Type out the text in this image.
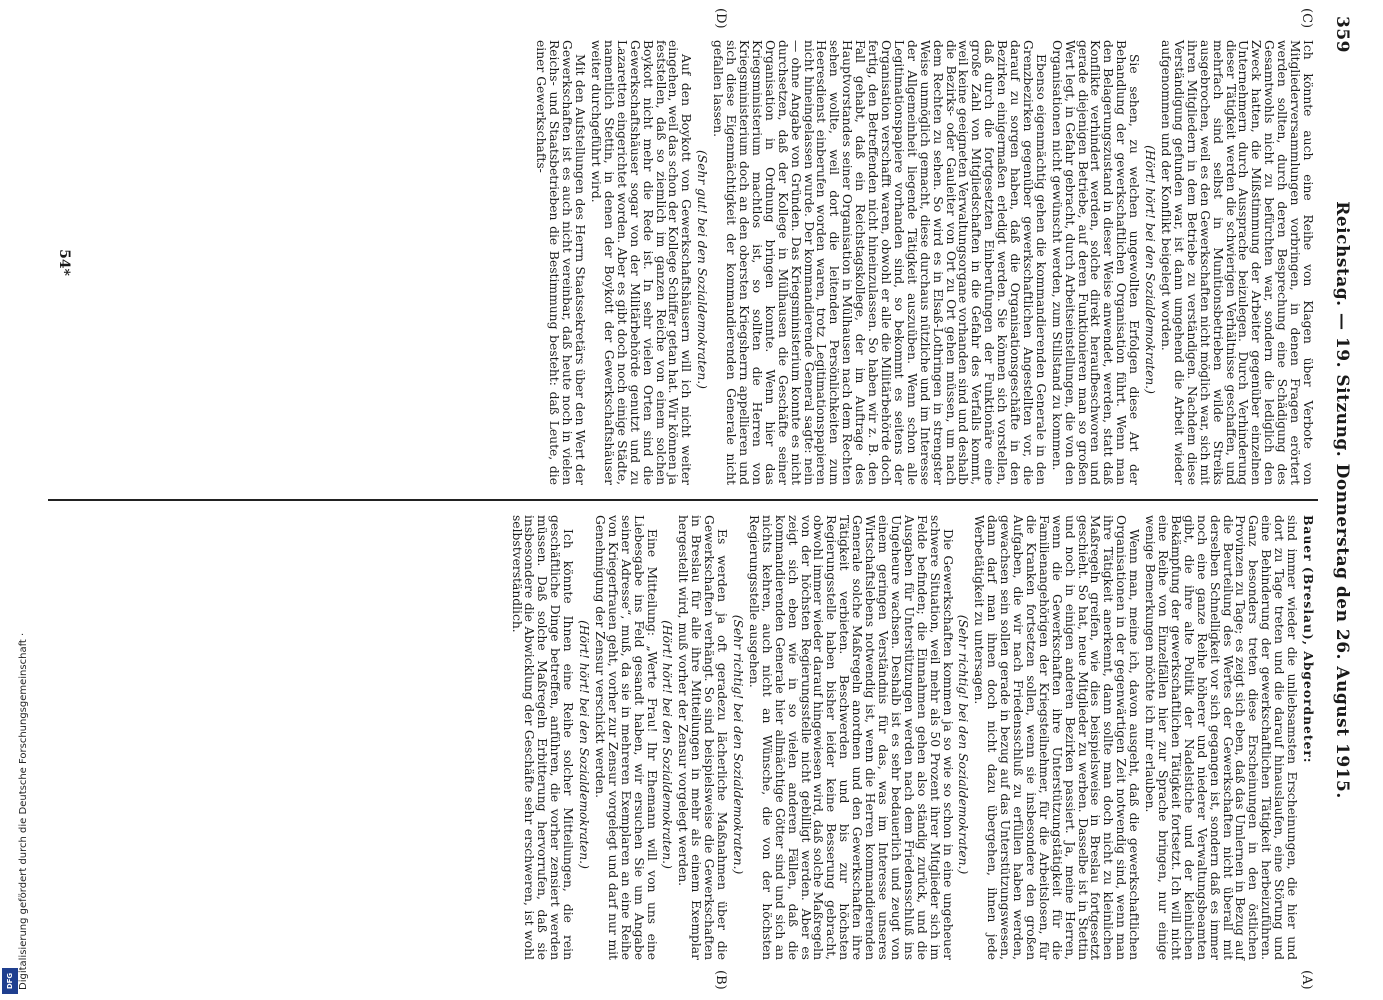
359
Reichstag. — 19. Sitzung. Donnerstag den 26. August 1915.

Ich könnte auch eine Reihe von Klagen über Verbote von Mitgliederversammlungen vorbringen, in denen Fragen erörtert werden sollten, durch deren Besprechung eine Schädigung des Gesamtwohls nicht zu befürchten war, sondern die lediglich den Zweck hatten, die Mißstimmung der Arbeiter gegenüber einzelnen Unternehmern durch Aussprache beizulegen. Durch Verhinderung dieser Tätigkeit werden die schwierigen Verhältnisse geschaffen, und mehrfach sind selbst in Munitionsbetrieben wilde Streiks ausgebrochen, weil es den Gewerkschaften nicht möglich war, sich mit ihren Mitgliedern in dem Betriebe zu verständigen. Nachdem diese Verständigung gefunden war, ist dann umgehend die Arbeit wieder aufgenommen und der Konflikt beigelegt worden.

(Hört! hört! bei den Sozialdemokraten.)

Sie sehen, zu welchen ungewollten Erfolgen diese Art der Behandlung der gewerkschaftlichen Organisation führt. Wenn man den Belagerungszustand in dieser Weise anwendet, werden, statt daß Konflikte verhindert werden, solche direkt heraufbeschworen und gerade diejenigen Betriebe, auf deren Funktionieren man so großen Wert legt, in Gefahr gebracht, durch Arbeitseinstellungen, die von den Organisationen nicht gewünscht werden, zum Stillstand zu kommen.

Ebenso eigenmächtig gehen die kommandierenden Generale in den Grenzbezirken gegenüber gewerkschaftlichen Angestellten vor, die darauf zu sorgen haben, daß die Organisationsgeschäfte in den Bezirken einigermaßen erledigt werden. Sie können sich vorstellen, daß durch die fortgesetzten Einberufungen der Funktionäre eine große Zahl von Mitgliedschaften in die Gefahr des Verfalls kommt, weil keine geeigneten Verwaltungsorgane vorhanden sind und deshalb die Bezirks- oder Gauleiter von Ort zu Ort gehen müssen, um nach dem Rechten zu sehen. So wird es in Elsaß-Lothringen in strengster Weise unmöglich gemacht, diese durchaus nützliche und im Interesse der Allgemeinheit liegende Tätigkeit auszuüben. Wenn schon alle Legitimationspapiere vorhanden sind, so bekommt es seitens der Organisation verschafft waren, obwohl er alle die Militärbehörde doch fertig, den Betreffenden nicht hineinzulassen. So haben wir z. B. den Fall gehabt, daß ein Reichstagskollege, der im Auftrage des Hauptvorstandes seiner Organisation in Mülhausen nach dem Rechten sehen wollte, weil dort die leitenden Persönlichkeiten zum Heeresdienst einberufen worden waren, trotz Legitimationspapieren nicht hineingelassen wurde. Der kommandierende General sagte: nein — ohne Angabe von Gründen. Das Kriegsministerium konnte es nicht durchsetzen, daß der Kollege in Mülhausen die Geschäfte seiner Organisation in Ordnung bringen konnte. Wenn hier das Kriegsministerium machtlos ist, so sollten die Herren von Kriegsministerium doch an den obersten Kriegsherrn appellieren und sich diese Eigenmächtigkeit der kommandierenden Generale nicht gefallen lassen.

(Sehr gut! bei den Sozialdemokraten.)

Auf den Boykott von Gewerkschaftshäusern will ich nicht weiter eingehen, weil das schon der Kollege Schiffer getan hat. Wir können ja feststellen, daß so ziemlich im ganzen Reiche von einem solchen Boykott nicht mehr die Rede ist. In sehr vielen Orten sind die Gewerkschaftshäuser sogar von der Militärbehörde genutzt und zu Lazaretten eingerichtet worden. Aber es gibt doch noch einige Städte, namentlich Stettin, in denen der Boykott der Gewerkschaftshäuser weiter durchgeführt wird.

Mit den Aufstellungen des Herrn Staatssekretärs über den Wert der Gewerkschaften ist es auch nicht vereinbar, daß heute noch in vielen Reichs- und Staatsbetrieben die Bestimmung besteht: daß Leute, die einer Gewerkschafts-

Bauer (Breslau), Abgeordneter:

sind immer wieder die unliebsamsten Erscheinungen, die hier und dort zu Tage treten und die darauf hinauslaufen, eine Störung und eine Behinderung der gewerkschaftlichen Tätigkeit herbeizuführen. Ganz besonders treten diese Erscheinungen in den östlichen Provinzen zu Tage; es zeigt sich eben, daß das Umlernen in Bezug auf die Beurteilung des Wertes der Gewerkschaften nicht überall mit derselben Schnelligkeit vor sich gegangen ist, sondern daß es immer noch eine ganze Reihe höherer und niederer Verwaltungsbeamten gibt, die ihre alte Politik der Nadelstiche und der kleinlichen Bekämpfung der gewerkschaftlichen Tätigkeit fortsetzt. Ich will nicht eine Reihe von Einzelfällen hier zur Sprache bringen, nur einige wenige Bemerkungen möchte ich mir erlauben.

Wenn man, meine ich, davon ausgeht, daß die gewerkschaftlichen Organisationen in der gegenwärtigen Zeit notwendig sind, wenn man ihre Tätigkeit anerkennt, dann sollte man doch nicht zu kleinlichen Maßregeln greifen, wie dies beispielsweise in Breslau fortgesetzt geschieht. So hat, neue Mitglieder zu werben. Dasselbe ist in Stettin und noch in einigen anderen Bezirken passiert. Ja, meine Herren, wenn die Gewerkschaften ihre Unterstützungstätigkeit für die Familienangehörigen der Kriegsteilnehmer, für die Arbeitslosen, für die Kranken fortsetzen sollen, wenn sie insbesondere den großen Aufgaben, die wir nach Friedensschluß zu erfüllen haben werden, gewachsen sein sollen gerade in bezug auf das Unterstützungswesen, dann darf man ihnen doch nicht dazu übergehen, ihnen jede Werbetätigkeit zu untersagen.

(Sehr richtig! bei den Sozialdemokraten.)

Die Gewerkschaften kommen ja so wie so schon in eine ungeheuer schwere Situation, weil mehr als 50 Prozent ihrer Mitglieder sich im Felde befinden; die Einnahmen gehen also ständig zurück, und die Ausgaben für Unterstützungen werden nach dem Friedensschluß ins Ungeheure wachsen. Deshalb ist es sehr bedauerlich und zeugt von einem geringen Verständnis für das, was im Interesse unseres Wirtschaftslebens notwendig ist, wenn die Herren kommandierenden Generale solche Maßregeln anordnen und den Gewerkschaften ihre Tätigkeit verbieten. Beschwerden und bis zur höchsten Regierungsstelle haben bisher leider keine Besserung gebracht, obwohl immer wieder darauf hingewiesen wird, daß solche Maßregeln von der höchsten Regierungsstelle nicht gebilligt werden. Aber es zeigt sich eben wie in so vielen anderen Fällen, daß die kommandierenden Generale hier allmächtige Götter sind und sich an nichts kehren, auch nicht an Wünsche, die von der höchsten Regierungsstelle ausgehen.

(Sehr richtig! bei den Sozialdemokraten.)

Es werden ja oft geradezu lächerliche Maßnahmen über die Gewerkschaften verhängt. So sind beispielsweise die Gewerkschaften in Breslau für alle ihre Mitteilungen in mehr als einem Exemplar hergestellt wird, muß vorher der Zensur vorgelegt werden.

(Hört! hört! bei den Sozialdemokraten.)

Eine Mitteilung: „Werte Frau! Ihr Ehemann will von uns eine Liebesgabe ins Feld gesandt haben, wir ersuchen Sie um Angabe seiner Adresse“, muß, da sie in mehreren Exemplaren an eine Reihe von Kriegerfrauen geht, vorher zur Zensur vorgelegt und darf nur mit Genehmigung der Zensur verschickt werden.

(Hört! hört! bei den Sozialdemokraten.)

Ich könnte Ihnen eine Reihe solcher Mitteilungen, die rein geschäftliche Dinge betreffen, anführen, die vorher zensiert werden müssen. Daß solche Maßregeln Erbitterung hervorrufen, daß sie insbesondere die Abwicklung der Geschäfte sehr erschweren, ist wohl selbstverständlich.

54*
(A)
(B)
(C)
(D)
Digitalisierung gefördert durch die Deutsche Forschungsgemeinschaft ·
DFG
